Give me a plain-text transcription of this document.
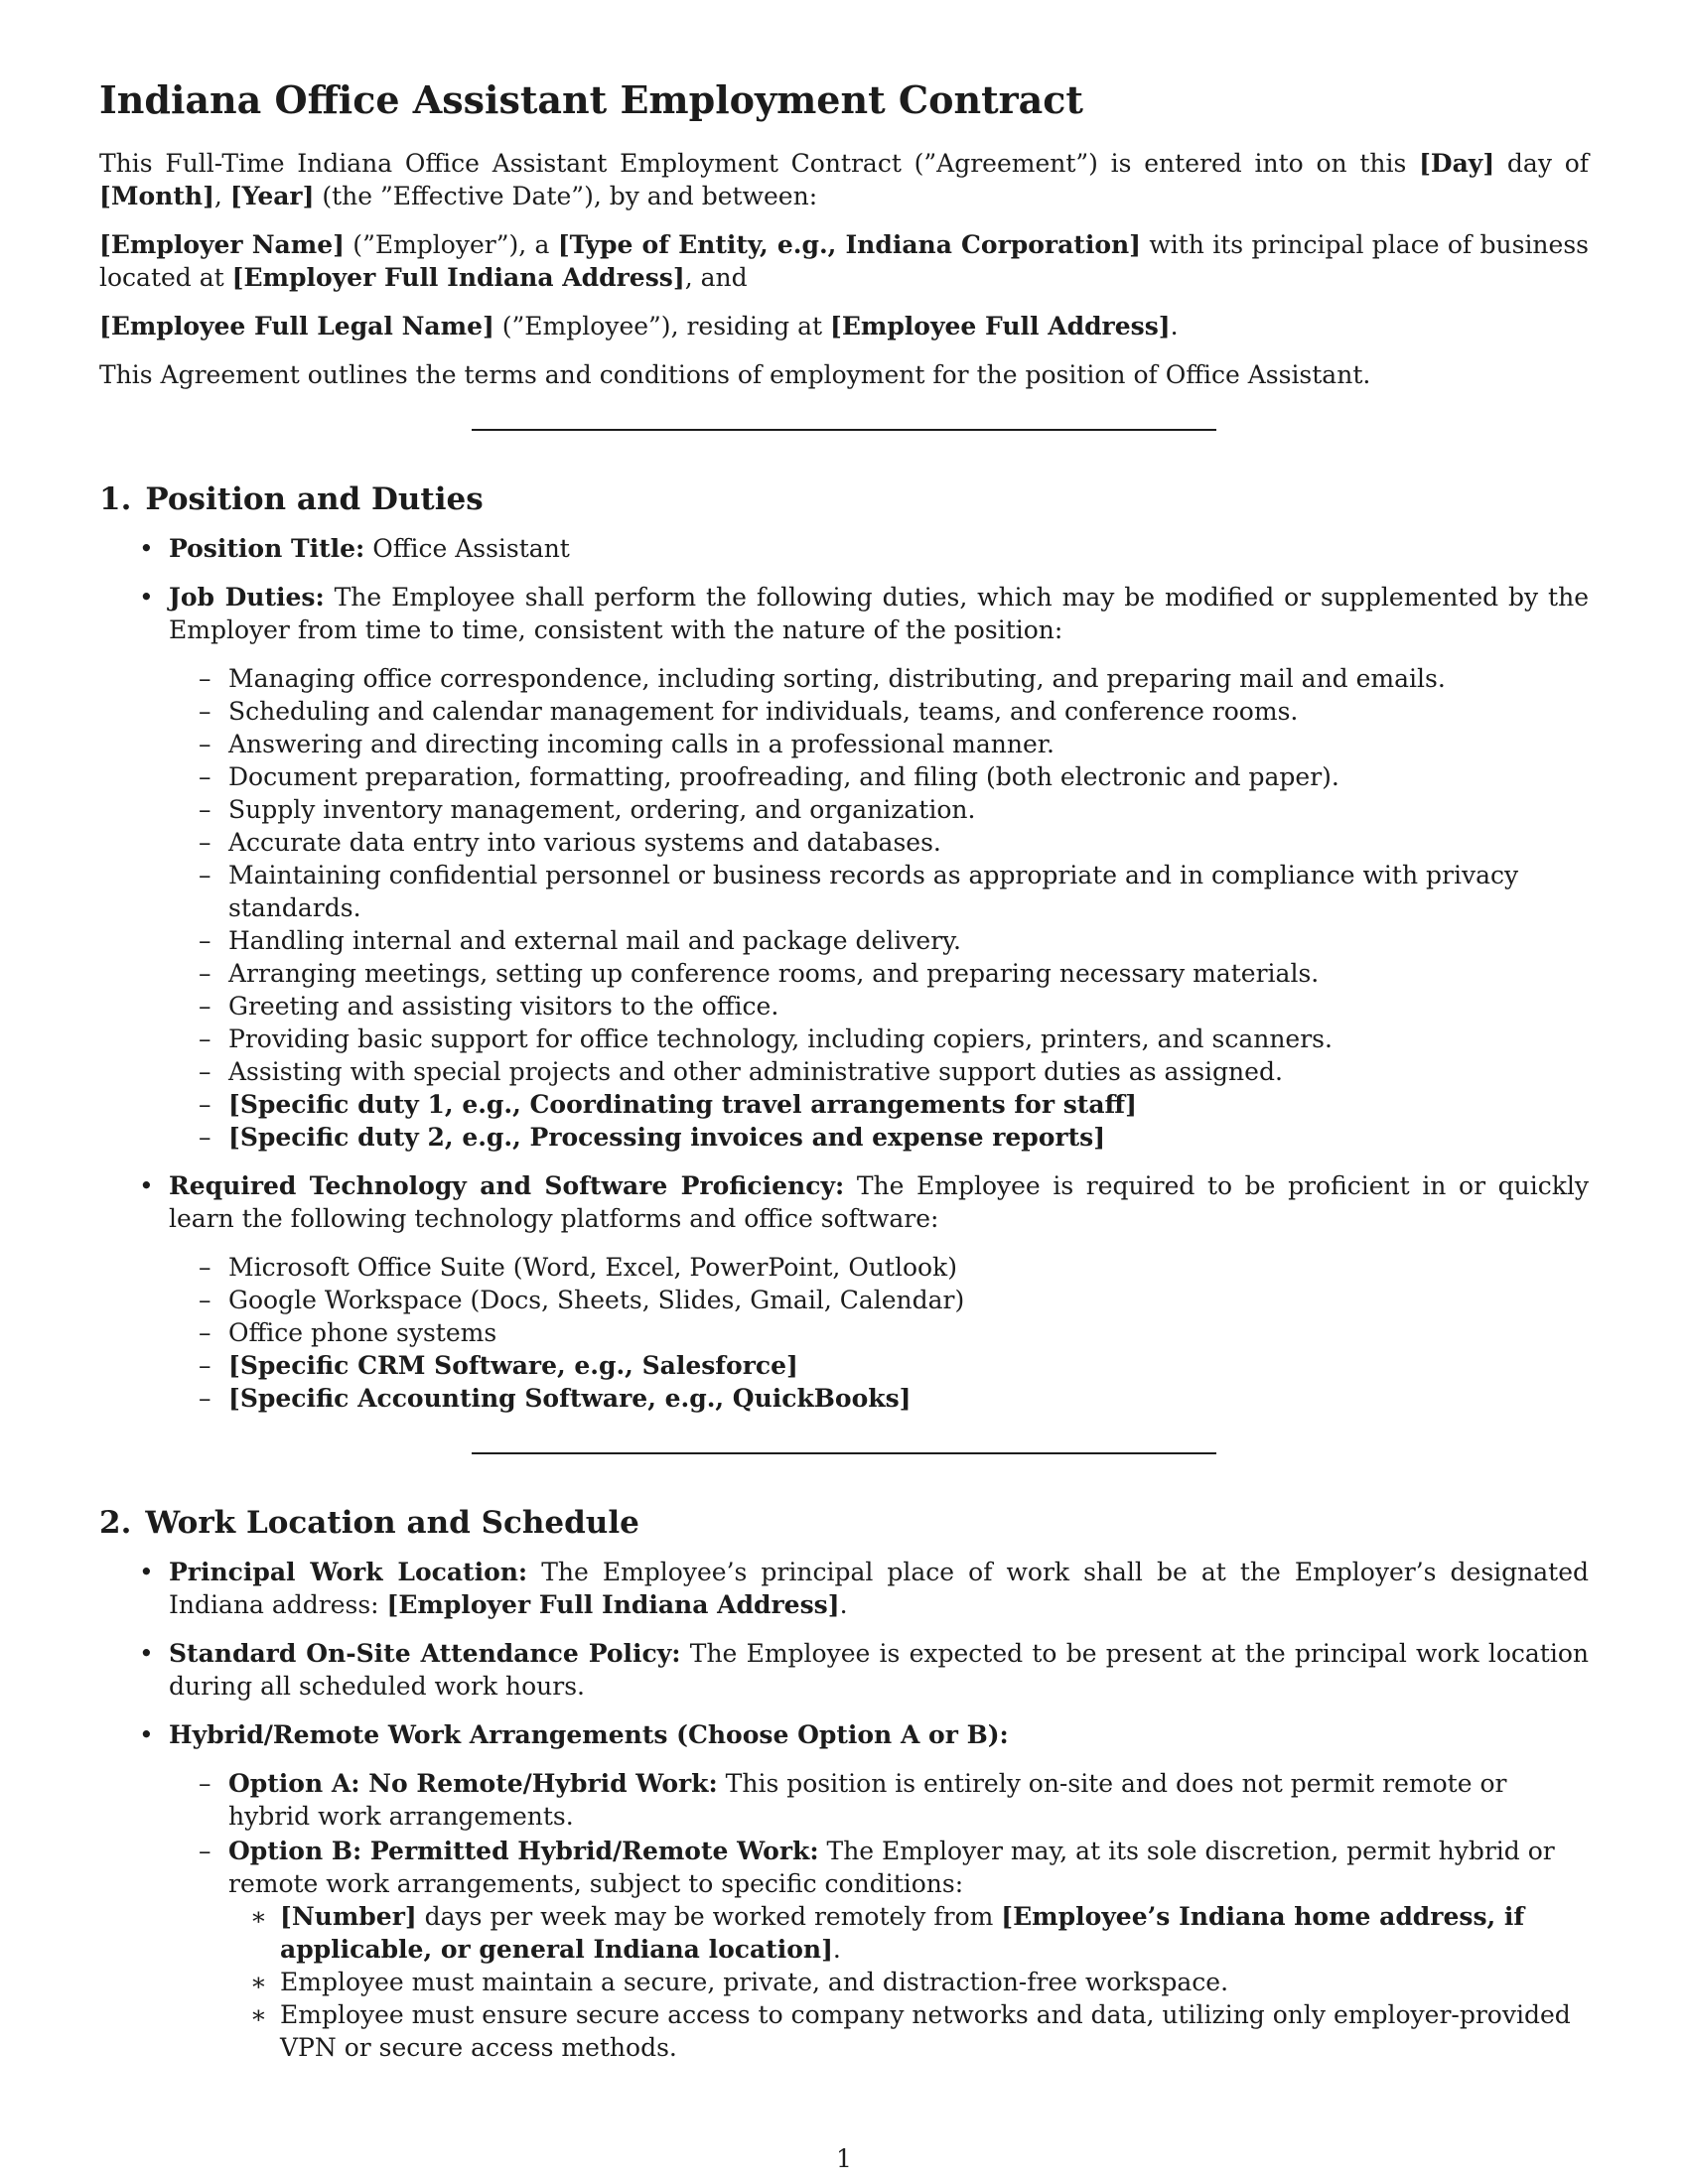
Indiana Office Assistant Employment Contract

This Full-Time Indiana Office Assistant Employment Contract (”Agreement”) is entered into on this [Day] day of [Month], [Year] (the ”Effective Date”), by and between:

[Employer Name] (”Employer”), a [Type of Entity, e.g., Indiana Corporation] with its principal place of business located at [Employer Full Indiana Address], and

[Employee Full Legal Name] (”Employee”), residing at [Employee Full Address].

This Agreement outlines the terms and conditions of employment for the position of Office Assistant.

1. Position and Duties
• Position Title: Office Assistant
• Job Duties: The Employee shall perform the following duties, which may be modified or supplemented by the Employer from time to time, consistent with the nature of the position:
– Managing office correspondence, including sorting, distributing, and preparing mail and emails.
– Scheduling and calendar management for individuals, teams, and conference rooms.
– Answering and directing incoming calls in a professional manner.
– Document preparation, formatting, proofreading, and filing (both electronic and paper).
– Supply inventory management, ordering, and organization.
– Accurate data entry into various systems and databases.
– Maintaining confidential personnel or business records as appropriate and in compliance with privacy standards.
– Handling internal and external mail and package delivery.
– Arranging meetings, setting up conference rooms, and preparing necessary materials.
– Greeting and assisting visitors to the office.
– Providing basic support for office technology, including copiers, printers, and scanners.
– Assisting with special projects and other administrative support duties as assigned.
– [Specific duty 1, e.g., Coordinating travel arrangements for staff]
– [Specific duty 2, e.g., Processing invoices and expense reports]
• Required Technology and Software Proficiency: The Employee is required to be proficient in or quickly learn the following technology platforms and office software:
– Microsoft Office Suite (Word, Excel, PowerPoint, Outlook)
– Google Workspace (Docs, Sheets, Slides, Gmail, Calendar)
– Office phone systems
– [Specific CRM Software, e.g., Salesforce]
– [Specific Accounting Software, e.g., QuickBooks]
2. Work Location and Schedule
• Principal Work Location: The Employee’s principal place of work shall be at the Employer’s designated Indiana address: [Employer Full Indiana Address].
• Standard On-Site Attendance Policy: The Employee is expected to be present at the principal work location during all scheduled work hours.
• Hybrid/Remote Work Arrangements (Choose Option A or B):
– Option A: No Remote/Hybrid Work: This position is entirely on-site and does not permit remote or hybrid work arrangements.
– Option B: Permitted Hybrid/Remote Work: The Employer may, at its sole discretion, permit hybrid or remote work arrangements, subject to specific conditions:
∗ [Number] days per week may be worked remotely from [Employee’s Indiana home address, if applicable, or general Indiana location].
∗ Employee must maintain a secure, private, and distraction-free workspace.
∗ Employee must ensure secure access to company networks and data, utilizing only employer-provided VPN or secure access methods.
1
